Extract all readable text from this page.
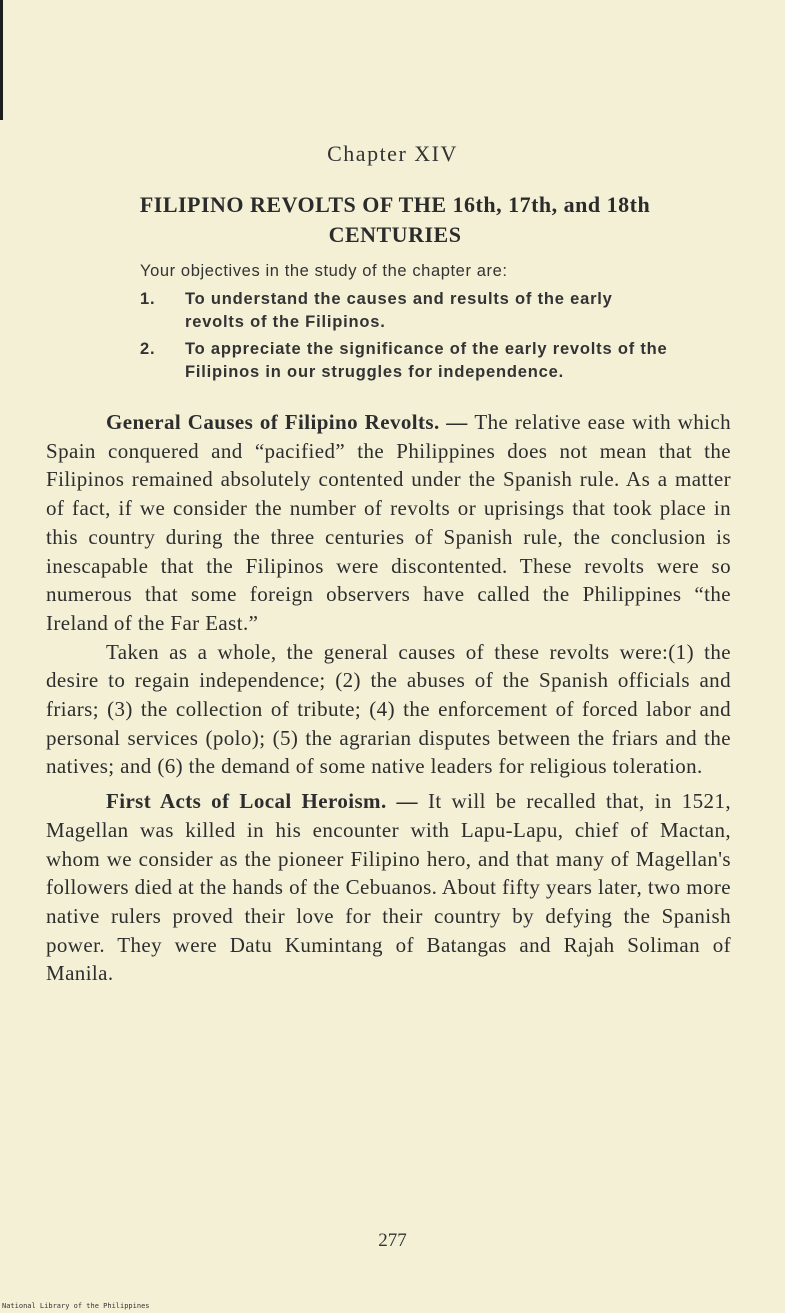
Chapter XIV
FILIPINO REVOLTS OF THE 16th, 17th, and 18th
CENTURIES

Your objectives in the study of the chapter are:

1. To understand the causes and results of the early revolts of the Filipinos.
2. To appreciate the significance of the early revolts of the Filipinos in our struggles for independence.

General Causes of Filipino Revolts. — The relative ease with which Spain conquered and “pacified” the Philippines does not mean that the Filipinos remained absolutely contented under the Spanish rule. As a matter of fact, if we consider the number of revolts or uprisings that took place in this country during the three centuries of Spanish rule, the conclusion is inescapable that the Filipinos were discontented. These revolts were so numerous that some foreign observers have called the Philippines “the Ireland of the Far East.”

Taken as a whole, the general causes of these revolts were:(1) the desire to regain independence; (2) the abuses of the Spanish officials and friars; (3) the collection of tribute; (4) the enforcement of forced labor and personal services (polo); (5) the agrarian disputes between the friars and the natives; and (6) the demand of some native leaders for religious toleration.

First Acts of Local Heroism. — It will be recalled that, in 1521, Magellan was killed in his encounter with Lapu-Lapu, chief of Mactan, whom we consider as the pioneer Filipino hero, and that many of Magellan's followers died at the hands of the Cebuanos. About fifty years later, two more native rulers proved their love for their country by defying the Spanish power. They were Datu Kumintang of Batangas and Rajah Soliman of Manila.

277
National Library of the Philippines
